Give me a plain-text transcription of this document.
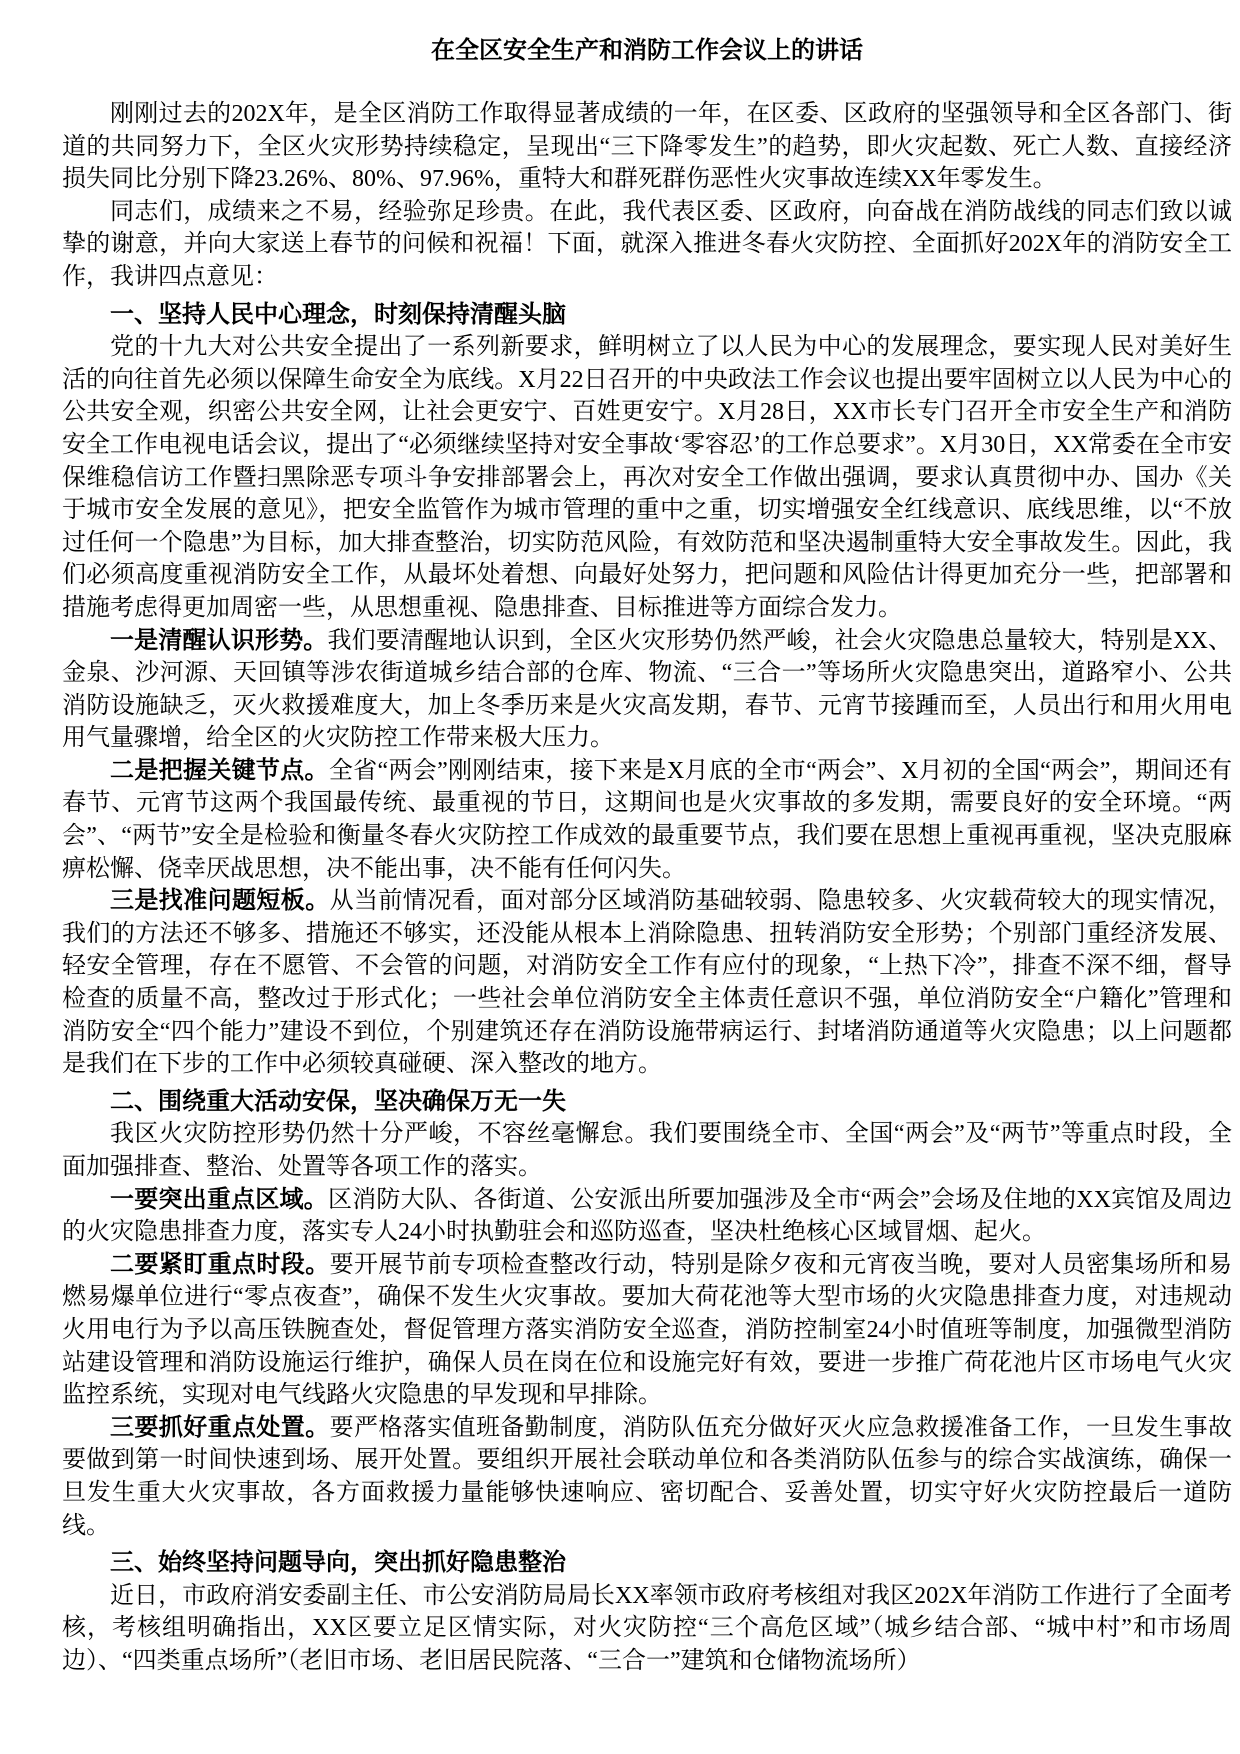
在全区安全生产和消防工作会议上的讲话

刚刚过去的202X年，是全区消防工作取得显著成绩的一年，在区委、区政府的坚强领导和全区各部门、街道的共同努力下，全区火灾形势持续稳定，呈现出“三下降零发生”的趋势，即火灾起数、死亡人数、直接经济损失同比分别下降23.26%、80%、97.96%，重特大和群死群伤恶性火灾事故连续XX年零发生。

同志们，成绩来之不易，经验弥足珍贵。在此，我代表区委、区政府，向奋战在消防战线的同志们致以诚挚的谢意，并向大家送上春节的问候和祝福！下面，就深入推进冬春火灾防控、全面抓好202X年的消防安全工作，我讲四点意见：

一、坚持人民中心理念，时刻保持清醒头脑

党的十九大对公共安全提出了一系列新要求，鲜明树立了以人民为中心的发展理念，要实现人民对美好生活的向往首先必须以保障生命安全为底线。X月22日召开的中央政法工作会议也提出要牢固树立以人民为中心的公共安全观，织密公共安全网，让社会更安宁、百姓更安宁。X月28日，XX市长专门召开全市安全生产和消防安全工作电视电话会议，提出了“必须继续坚持对安全事故‘零容忍’的工作总要求”。X月30日，XX常委在全市安保维稳信访工作暨扫黑除恶专项斗争安排部署会上，再次对安全工作做出强调，要求认真贯彻中办、国办《关于城市安全发展的意见》，把安全监管作为城市管理的重中之重，切实增强安全红线意识、底线思维，以“不放过任何一个隐患”为目标，加大排查整治，切实防范风险，有效防范和坚决遏制重特大安全事故发生。因此，我们必须高度重视消防安全工作，从最坏处着想、向最好处努力，把问题和风险估计得更加充分一些，把部署和措施考虑得更加周密一些，从思想重视、隐患排查、目标推进等方面综合发力。

一是清醒认识形势。我们要清醒地认识到，全区火灾形势仍然严峻，社会火灾隐患总量较大，特别是XX、金泉、沙河源、天回镇等涉农街道城乡结合部的仓库、物流、“三合一”等场所火灾隐患突出，道路窄小、公共消防设施缺乏，灭火救援难度大，加上冬季历来是火灾高发期，春节、元宵节接踵而至，人员出行和用火用电用气量骤增，给全区的火灾防控工作带来极大压力。

二是把握关键节点。全省“两会”刚刚结束，接下来是X月底的全市“两会”、X月初的全国“两会”，期间还有春节、元宵节这两个我国最传统、最重视的节日，这期间也是火灾事故的多发期，需要良好的安全环境。“两会”、“两节”安全是检验和衡量冬春火灾防控工作成效的最重要节点，我们要在思想上重视再重视，坚决克服麻痹松懈、侥幸厌战思想，决不能出事，决不能有任何闪失。

三是找准问题短板。从当前情况看，面对部分区域消防基础较弱、隐患较多、火灾载荷较大的现实情况，我们的方法还不够多、措施还不够实，还没能从根本上消除隐患、扭转消防安全形势；个别部门重经济发展、轻安全管理，存在不愿管、不会管的问题，对消防安全工作有应付的现象，“上热下冷”，排查不深不细，督导检查的质量不高，整改过于形式化；一些社会单位消防安全主体责任意识不强，单位消防安全“户籍化”管理和消防安全“四个能力”建设不到位，个别建筑还存在消防设施带病运行、封堵消防通道等火灾隐患；以上问题都是我们在下步的工作中必须较真碰硬、深入整改的地方。

二、围绕重大活动安保，坚决确保万无一失

我区火灾防控形势仍然十分严峻，不容丝毫懈怠。我们要围绕全市、全国“两会”及“两节”等重点时段，全面加强排查、整治、处置等各项工作的落实。

一要突出重点区域。区消防大队、各街道、公安派出所要加强涉及全市“两会”会场及住地的XX宾馆及周边的火灾隐患排查力度，落实专人24小时执勤驻会和巡防巡查，坚决杜绝核心区域冒烟、起火。

二要紧盯重点时段。要开展节前专项检查整改行动，特别是除夕夜和元宵夜当晚，要对人员密集场所和易燃易爆单位进行“零点夜查”，确保不发生火灾事故。要加大荷花池等大型市场的火灾隐患排查力度，对违规动火用电行为予以高压铁腕查处，督促管理方落实消防安全巡查，消防控制室24小时值班等制度，加强微型消防站建设管理和消防设施运行维护，确保人员在岗在位和设施完好有效，要进一步推广荷花池片区市场电气火灾监控系统，实现对电气线路火灾隐患的早发现和早排除。

三要抓好重点处置。要严格落实值班备勤制度，消防队伍充分做好灭火应急救援准备工作，一旦发生事故要做到第一时间快速到场、展开处置。要组织开展社会联动单位和各类消防队伍参与的综合实战演练，确保一旦发生重大火灾事故，各方面救援力量能够快速响应、密切配合、妥善处置，切实守好火灾防控最后一道防线。

三、始终坚持问题导向，突出抓好隐患整治

近日，市政府消安委副主任、市公安消防局局长XX率领市政府考核组对我区202X年消防工作进行了全面考核，考核组明确指出，XX区要立足区情实际，对火灾防控“三个高危区域”（城乡结合部、“城中村”和市场周边）、“四类重点场所”（老旧市场、老旧居民院落、“三合一”建筑和仓储物流场所）
